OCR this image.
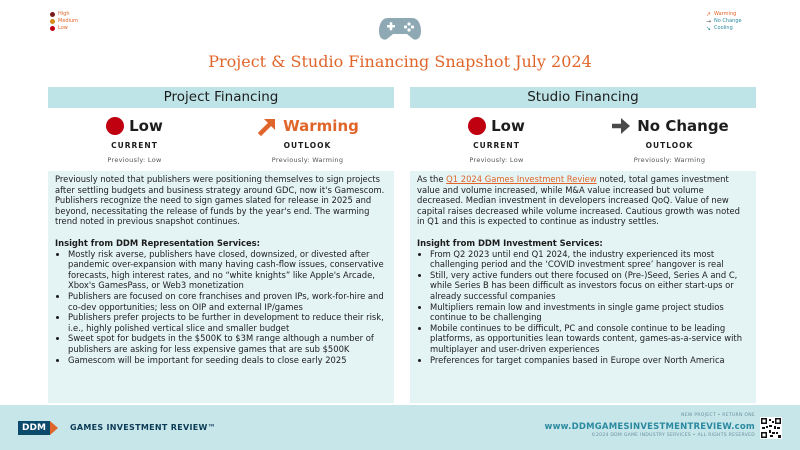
High
Medium
Low
↗ Warming
→ No Change
↘ Cooling
Project & Studio Financing Snapshot July 2024
Project Financing
Low
CURRENT
Previously: Low
Warming
OUTLOOK
Previously: Warming

Previously noted that publishers were positioning themselves to sign projects after settling budgets and business strategy around GDC, now it's Gamescom. Publishers recognize the need to sign games slated for release in 2025 and beyond, necessitating the release of funds by the year's end. The warming trend noted in previous snapshot continues.

Insight from DDM Representation Services:
• Mostly risk averse, publishers have closed, downsized, or divested after pandemic over-expansion with many having cash-flow issues, conservative forecasts, high interest rates, and no “white knights” like Apple's Arcade, Xbox's GamesPass, or Web3 monetization
• Publishers are focused on core franchises and proven IPs, work-for-hire and co-dev opportunities; less on OIP and external IP/games
• Publishers prefer projects to be further in development to reduce their risk, i.e., highly polished vertical slice and smaller budget
• Sweet spot for budgets in the $500K to $3M range although a number of publishers are asking for less expensive games that are sub $500K
• Gamescom will be important for seeding deals to close early 2025
Studio Financing
Low
CURRENT
Previously: Low
No Change
OUTLOOK
Previously: Warming

As the Q1 2024 Games Investment Review noted, total games investment value and volume increased, while M&A value increased but volume decreased. Median investment in developers increased QoQ. Value of new capital raises decreased while volume increased. Cautious growth was noted in Q1 and this is expected to continue as industry settles.

Insight from DDM Investment Services:
• From Q2 2023 until end Q1 2024, the industry experienced its most challenging period and the ‘COVID investment spree’ hangover is real
• Still, very active funders out there focused on (Pre-)Seed, Series A and C, while Series B has been difficult as investors focus on either start-ups or already successful companies
• Multipliers remain low and investments in single game project studios continue to be challenging
• Mobile continues to be difficult, PC and console continue to be leading platforms, as opportunities lean towards content, games-as-a-service with multiplayer and user-driven experiences
• Preferences for target companies based in Europe over North America
DDM	GAMES INVESTMENT REVIEW™
NEW PROJECT • RETURN ONE
www.DDMGAMESINVESTMENTREVIEW.com
©2024 DDM GAME INDUSTRY SERVICES • ALL RIGHTS RESERVED
